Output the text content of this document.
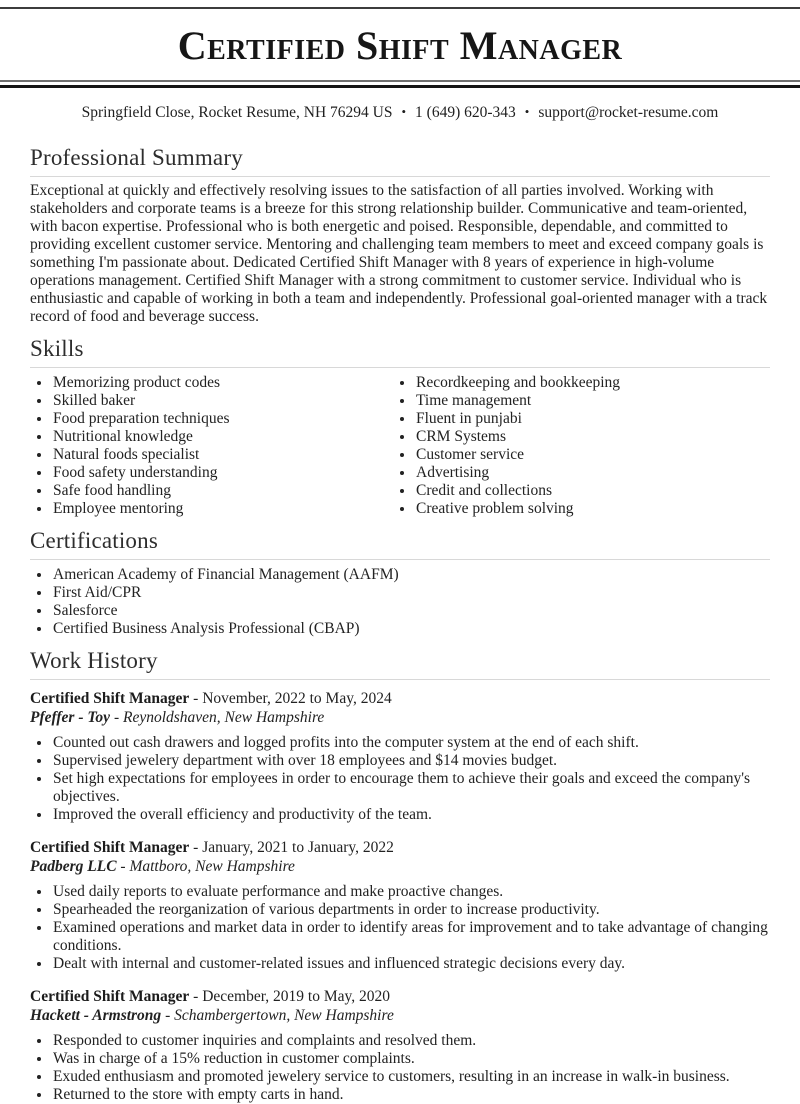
Certified Shift Manager
Springfield Close, Rocket Resume, NH 76294 US • 1 (649) 620-343 • support@rocket-resume.com
Professional Summary

Exceptional at quickly and effectively resolving issues to the satisfaction of all parties involved. Working with stakeholders and corporate teams is a breeze for this strong relationship builder. Communicative and team-oriented, with bacon expertise. Professional who is both energetic and poised. Responsible, dependable, and committed to providing excellent customer service. Mentoring and challenging team members to meet and exceed company goals is something I'm passionate about. Dedicated Certified Shift Manager with 8 years of experience in high-volume operations management. Certified Shift Manager with a strong commitment to customer service. Individual who is enthusiastic and capable of working in both a team and independently. Professional goal-oriented manager with a track record of food and beverage success.

Skills
• Memorizing product codes
• Skilled baker
• Food preparation techniques
• Nutritional knowledge
• Natural foods specialist
• Food safety understanding
• Safe food handling
• Employee mentoring
• Recordkeeping and bookkeeping
• Time management
• Fluent in punjabi
• CRM Systems
• Customer service
• Advertising
• Credit and collections
• Creative problem solving
Certifications
• American Academy of Financial Management (AAFM)
• First Aid/CPR
• Salesforce
• Certified Business Analysis Professional (CBAP)
Work History

Certified Shift Manager - November, 2022 to May, 2024

Pfeffer - Toy - Reynoldshaven, New Hampshire

• Counted out cash drawers and logged profits into the computer system at the end of each shift.
• Supervised jewelery department with over 18 employees and $14 movies budget.
• Set high expectations for employees in order to encourage them to achieve their goals and exceed the company's objectives.
• Improved the overall efficiency and productivity of the team.

Certified Shift Manager - January, 2021 to January, 2022

Padberg LLC - Mattboro, New Hampshire

• Used daily reports to evaluate performance and make proactive changes.
• Spearheaded the reorganization of various departments in order to increase productivity.
• Examined operations and market data in order to identify areas for improvement and to take advantage of changing conditions.
• Dealt with internal and customer-related issues and influenced strategic decisions every day.

Certified Shift Manager - December, 2019 to May, 2020

Hackett - Armstrong - Schambergertown, New Hampshire

• Responded to customer inquiries and complaints and resolved them.
• Was in charge of a 15% reduction in customer complaints.
• Exuded enthusiasm and promoted jewelery service to customers, resulting in an increase in walk-in business.
• Returned to the store with empty carts in hand.
